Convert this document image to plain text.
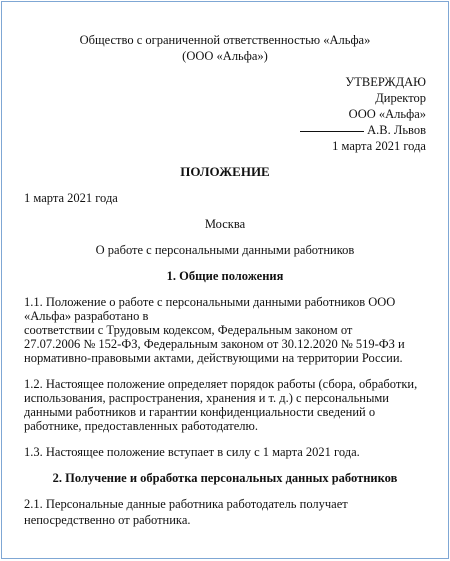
Общество с ограниченной ответственностью «Альфа»
(ООО «Альфа»)
УТВЕРЖДАЮ
Директор
ООО «Альфа»
А.В. Львов
1 марта 2021 года
ПОЛОЖЕНИЕ
1 марта 2021 года
Москва
О работе с персональными данными работников
1. Общие положения
1.1. Положение о работе с персональными данными работников ООО
«Альфа» разработано в
соответствии с Трудовым кодексом, Федеральным законом от
27.07.2006 № 152-ФЗ, Федеральным законом от 30.12.2020 № 519-ФЗ и
нормативно-правовыми актами, действующими на территории России.
1.2. Настоящее положение определяет порядок работы (сбора, обработки,
использования, распространения, хранения и т. д.) с персональными
данными работников и гарантии конфиденциальности сведений о
работнике, предоставленных работодателю.
1.3. Настоящее положение вступает в силу с 1 марта 2021 года.
2. Получение и обработка персональных данных работников
2.1. Персональные данные работника работодатель получает
непосредственно от работника.
